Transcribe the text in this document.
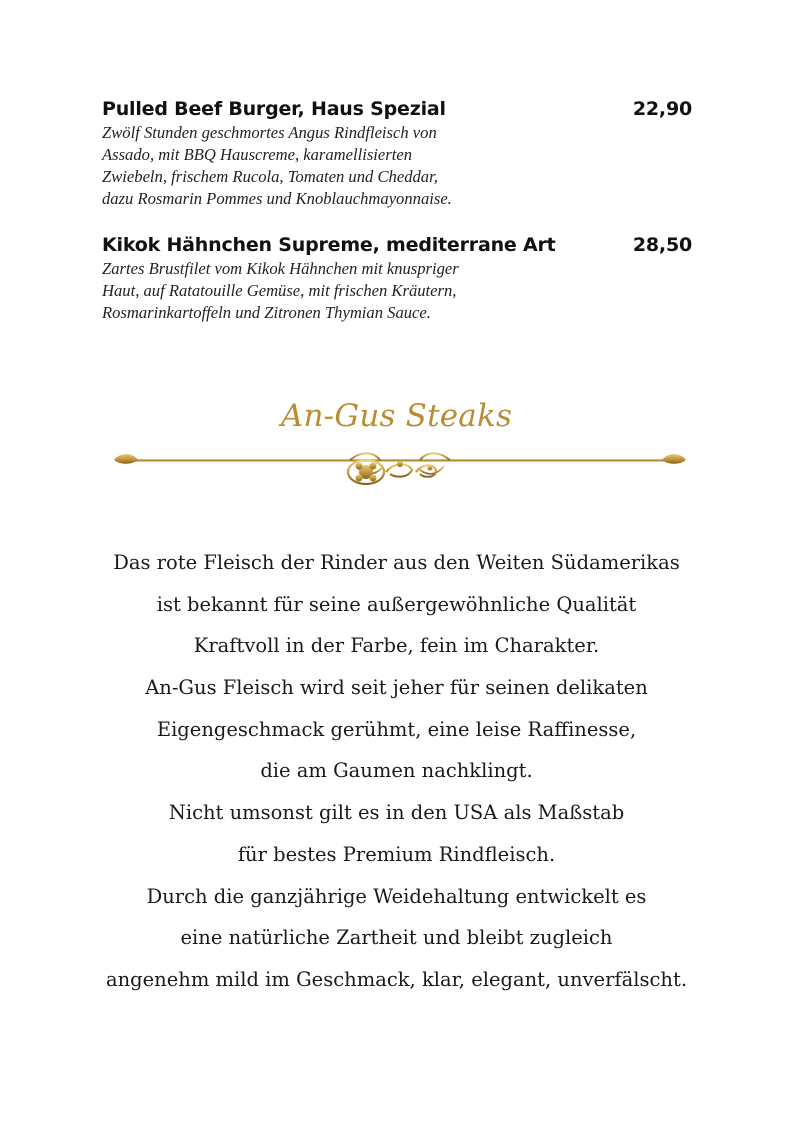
Pulled Beef Burger, Haus Spezial	22,90
Zwölf Stunden geschmortes Angus Rindfleisch von
Assado, mit BBQ Hauscreme, karamellisierten
Zwiebeln, frischem Rucola, Tomaten und Cheddar,
dazu Rosmarin Pommes und Knoblauchmayonnaise.
Kikok Hähnchen Supreme, mediterrane Art	28,50
Zartes Brustfilet vom Kikok Hähnchen mit knuspriger
Haut, auf Ratatouille Gemüse, mit frischen Kräutern,
Rosmarinkartoffeln und Zitronen Thymian Sauce.
An-Gus Steaks
Das rote Fleisch der Rinder aus den Weiten Südamerikas
ist bekannt für seine außergewöhnliche Qualität
Kraftvoll in der Farbe, fein im Charakter.
An-Gus Fleisch wird seit jeher für seinen delikaten
Eigengeschmack gerühmt, eine leise Raffinesse,
die am Gaumen nachklingt.
Nicht umsonst gilt es in den USA als Maßstab
für bestes Premium Rindfleisch.
Durch die ganzjährige Weidehaltung entwickelt es
eine natürliche Zartheit und bleibt zugleich
angenehm mild im Geschmack, klar, elegant, unverfälscht.
